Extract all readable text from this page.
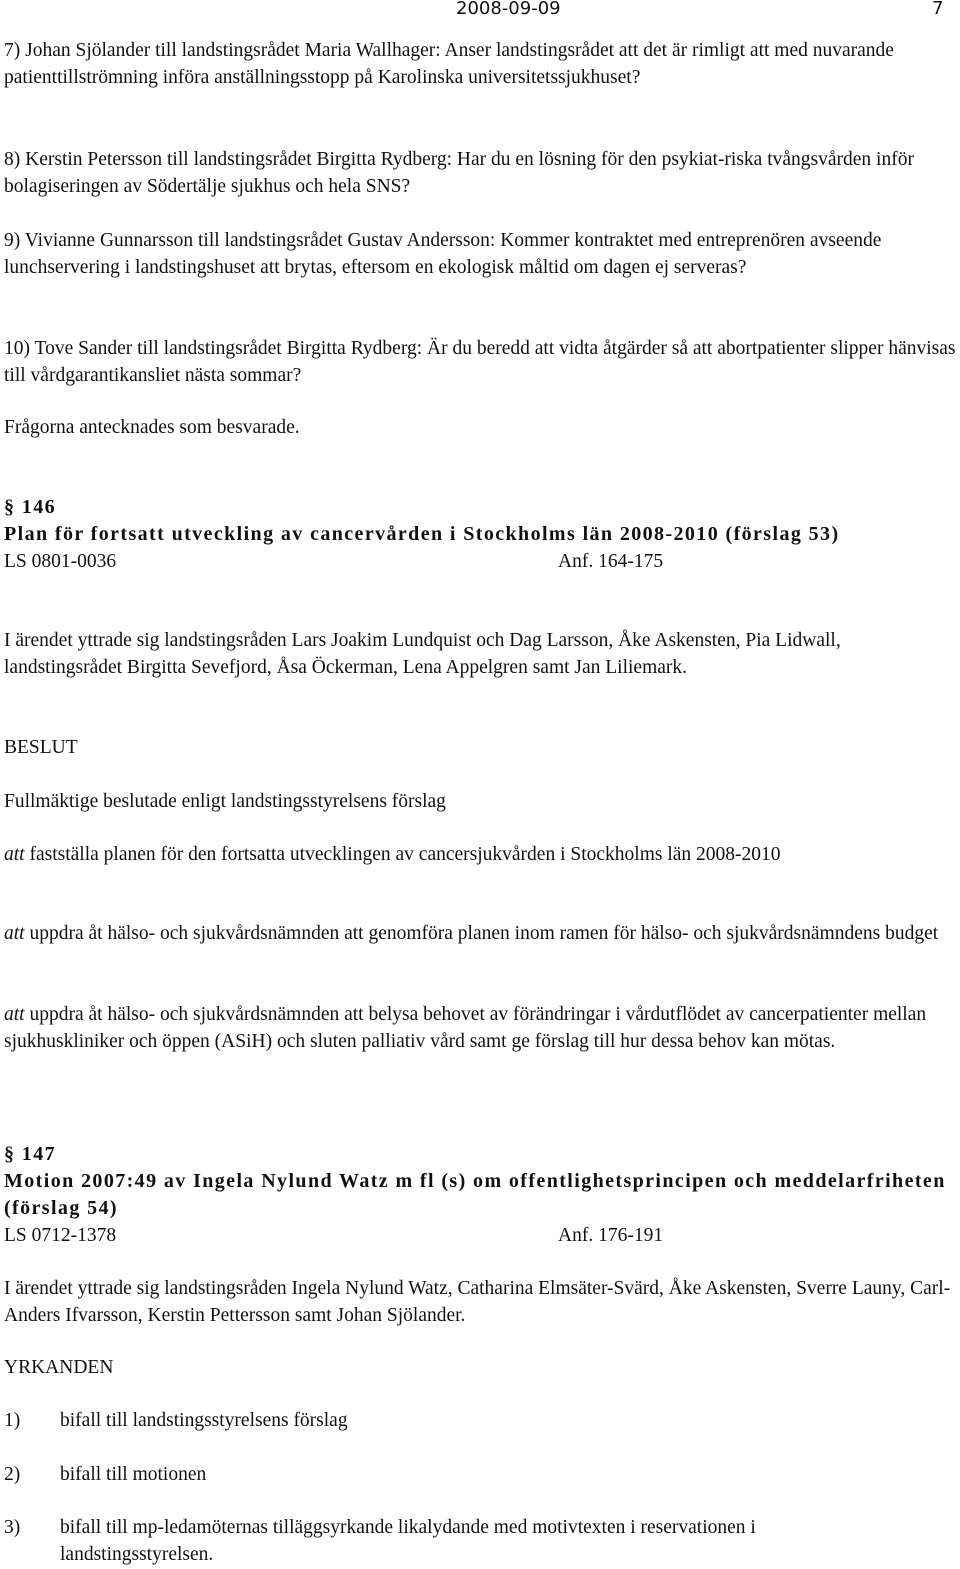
2008-09-09	7

7) Johan Sjölander till landstingsrådet Maria Wallhager: Anser landstingsrådet att det är rimligt att med nuvarande patienttillströmning införa anställningsstopp på Karolinska universitetssjukhuset?

8) Kerstin Petersson till landstingsrådet Birgitta Rydberg: Har du en lösning för den psykiat-riska tvångsvården inför bolagiseringen av Södertälje sjukhus och hela SNS?

9) Vivianne Gunnarsson till landstingsrådet Gustav Andersson: Kommer kontraktet med entreprenören avseende lunchservering i landstingshuset att brytas, eftersom en ekologisk måltid om dagen ej serveras?

10) Tove Sander till landstingsrådet Birgitta Rydberg: Är du beredd att vidta åtgärder så att abortpatienter slipper hänvisas till vårdgarantikansliet nästa sommar?

Frågorna antecknades som besvarade.

§ 146
Plan för fortsatt utveckling av cancervården i Stockholms län 2008-2010 (förslag 53)
LS 0801-0036	Anf. 164-175

I ärendet yttrade sig landstingsråden Lars Joakim Lundquist och Dag Larsson, Åke Askensten, Pia Lidwall, landstingsrådet Birgitta Sevefjord, Åsa Öckerman, Lena Appelgren samt Jan Liliemark.

BESLUT

Fullmäktige beslutade enligt landstingsstyrelsens förslag

att fastställa planen för den fortsatta utvecklingen av cancersjukvården i Stockholms län 2008-2010

att uppdra åt hälso- och sjukvårdsnämnden att genomföra planen inom ramen för hälso- och sjukvårdsnämndens budget

att uppdra åt hälso- och sjukvårdsnämnden att belysa behovet av förändringar i vårdutflödet av cancerpatienter mellan sjukhuskliniker och öppen (ASiH) och sluten palliativ vård samt ge förslag till hur dessa behov kan mötas.

§ 147
Motion 2007:49 av Ingela Nylund Watz m fl (s) om offentlighetsprincipen och meddelarfriheten (förslag 54)
LS 0712-1378	Anf. 176-191

I ärendet yttrade sig landstingsråden Ingela Nylund Watz, Catharina Elmsäter-Svärd, Åke Askensten, Sverre Launy, Carl-Anders Ifvarsson, Kerstin Pettersson samt Johan Sjölander.

YRKANDEN

1) bifall till landstingsstyrelsens förslag
2) bifall till motionen
3) bifall till mp-ledamöternas tilläggsyrkande likalydande med motivtexten i reservationen i landstingsstyrelsen.
